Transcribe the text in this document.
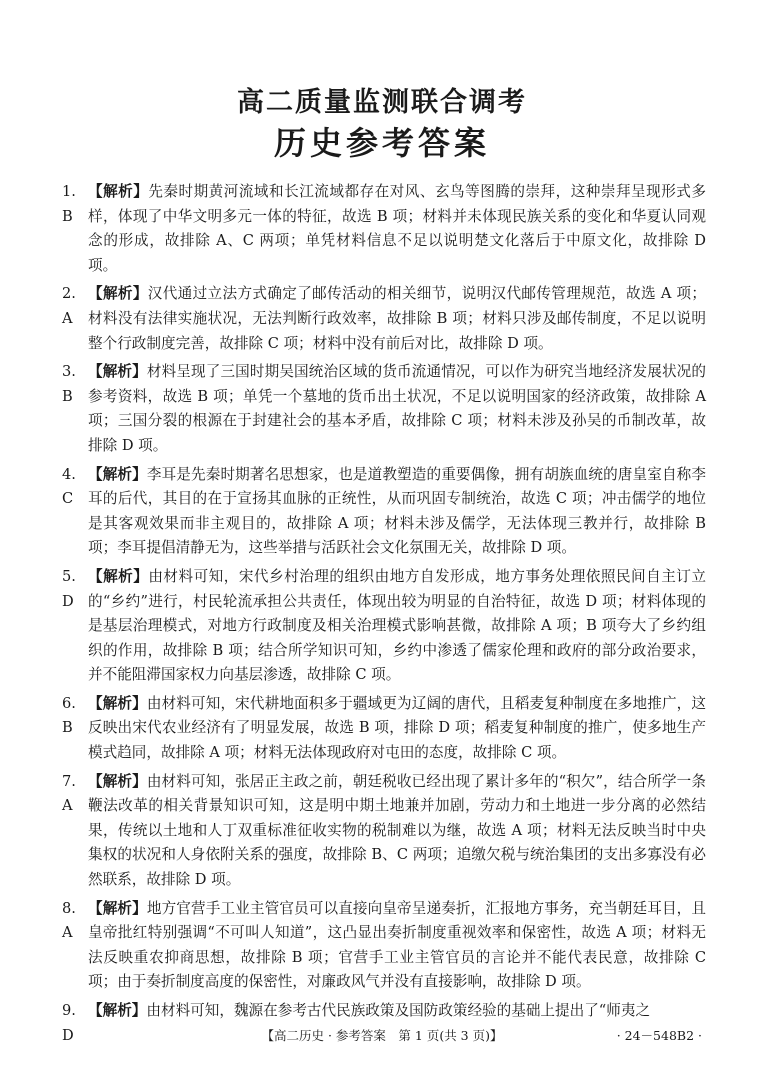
高二质量监测联合调考
历史参考答案
1. B
【解析】先秦时期黄河流域和长江流域都存在对风、玄鸟等图腾的崇拜，这种崇拜呈现形式多样，体现了中华文明多元一体的特征，故选 B 项；材料并未体现民族关系的变化和华夏认同观念的形成，故排除 A、C 两项；单凭材料信息不足以说明楚文化落后于中原文化，故排除 D 项。
2. A
【解析】汉代通过立法方式确定了邮传活动的相关细节，说明汉代邮传管理规范，故选 A 项；材料没有法律实施状况，无法判断行政效率，故排除 B 项；材料只涉及邮传制度，不足以说明整个行政制度完善，故排除 C 项；材料中没有前后对比，故排除 D 项。
3. B
【解析】材料呈现了三国时期吴国统治区域的货币流通情况，可以作为研究当地经济发展状况的参考资料，故选 B 项；单凭一个墓地的货币出土状况，不足以说明国家的经济政策，故排除 A 项；三国分裂的根源在于封建社会的基本矛盾，故排除 C 项；材料未涉及孙吴的币制改革，故排除 D 项。
4. C
【解析】李耳是先秦时期著名思想家，也是道教塑造的重要偶像，拥有胡族血统的唐皇室自称李耳的后代，其目的在于宣扬其血脉的正统性，从而巩固专制统治，故选 C 项；冲击儒学的地位是其客观效果而非主观目的，故排除 A 项；材料未涉及儒学，无法体现三教并行，故排除 B 项；李耳提倡清静无为，这些举措与活跃社会文化氛围无关，故排除 D 项。
5. D
【解析】由材料可知，宋代乡村治理的组织由地方自发形成，地方事务处理依照民间自主订立的“乡约”进行，村民轮流承担公共责任，体现出较为明显的自治特征，故选 D 项；材料体现的是基层治理模式，对地方行政制度及相关治理模式影响甚微，故排除 A 项；B 项夸大了乡约组织的作用，故排除 B 项；结合所学知识可知，乡约中渗透了儒家伦理和政府的部分政治要求，并不能阻滞国家权力向基层渗透，故排除 C 项。
6. B
【解析】由材料可知，宋代耕地面积多于疆域更为辽阔的唐代，且稻麦复种制度在多地推广，这反映出宋代农业经济有了明显发展，故选 B 项，排除 D 项；稻麦复种制度的推广，使多地生产模式趋同，故排除 A 项；材料无法体现政府对屯田的态度，故排除 C 项。
7. A
【解析】由材料可知，张居正主政之前，朝廷税收已经出现了累计多年的“积欠”，结合所学一条鞭法改革的相关背景知识可知，这是明中期土地兼并加剧，劳动力和土地进一步分离的必然结果，传统以土地和人丁双重标准征收实物的税制难以为继，故选 A 项；材料无法反映当时中央集权的状况和人身依附关系的强度，故排除 B、C 两项；追缴欠税与统治集团的支出多寡没有必然联系，故排除 D 项。
8. A
【解析】地方官营手工业主管官员可以直接向皇帝呈递奏折，汇报地方事务，充当朝廷耳目，且皇帝批红特别强调“不可叫人知道”，这凸显出奏折制度重视效率和保密性，故选 A 项；材料无法反映重农抑商思想，故排除 B 项；官营手工业主管官员的言论并不能代表民意，故排除 C 项；由于奏折制度高度的保密性，对廉政风气并没有直接影响，故排除 D 项。
9. D
【解析】由材料可知，魏源在参考古代民族政策及国防政策经验的基础上提出了“师夷之
【高二历史 · 参考答案　第 1 页(共 3 页)】	· 24－548B2 ·
